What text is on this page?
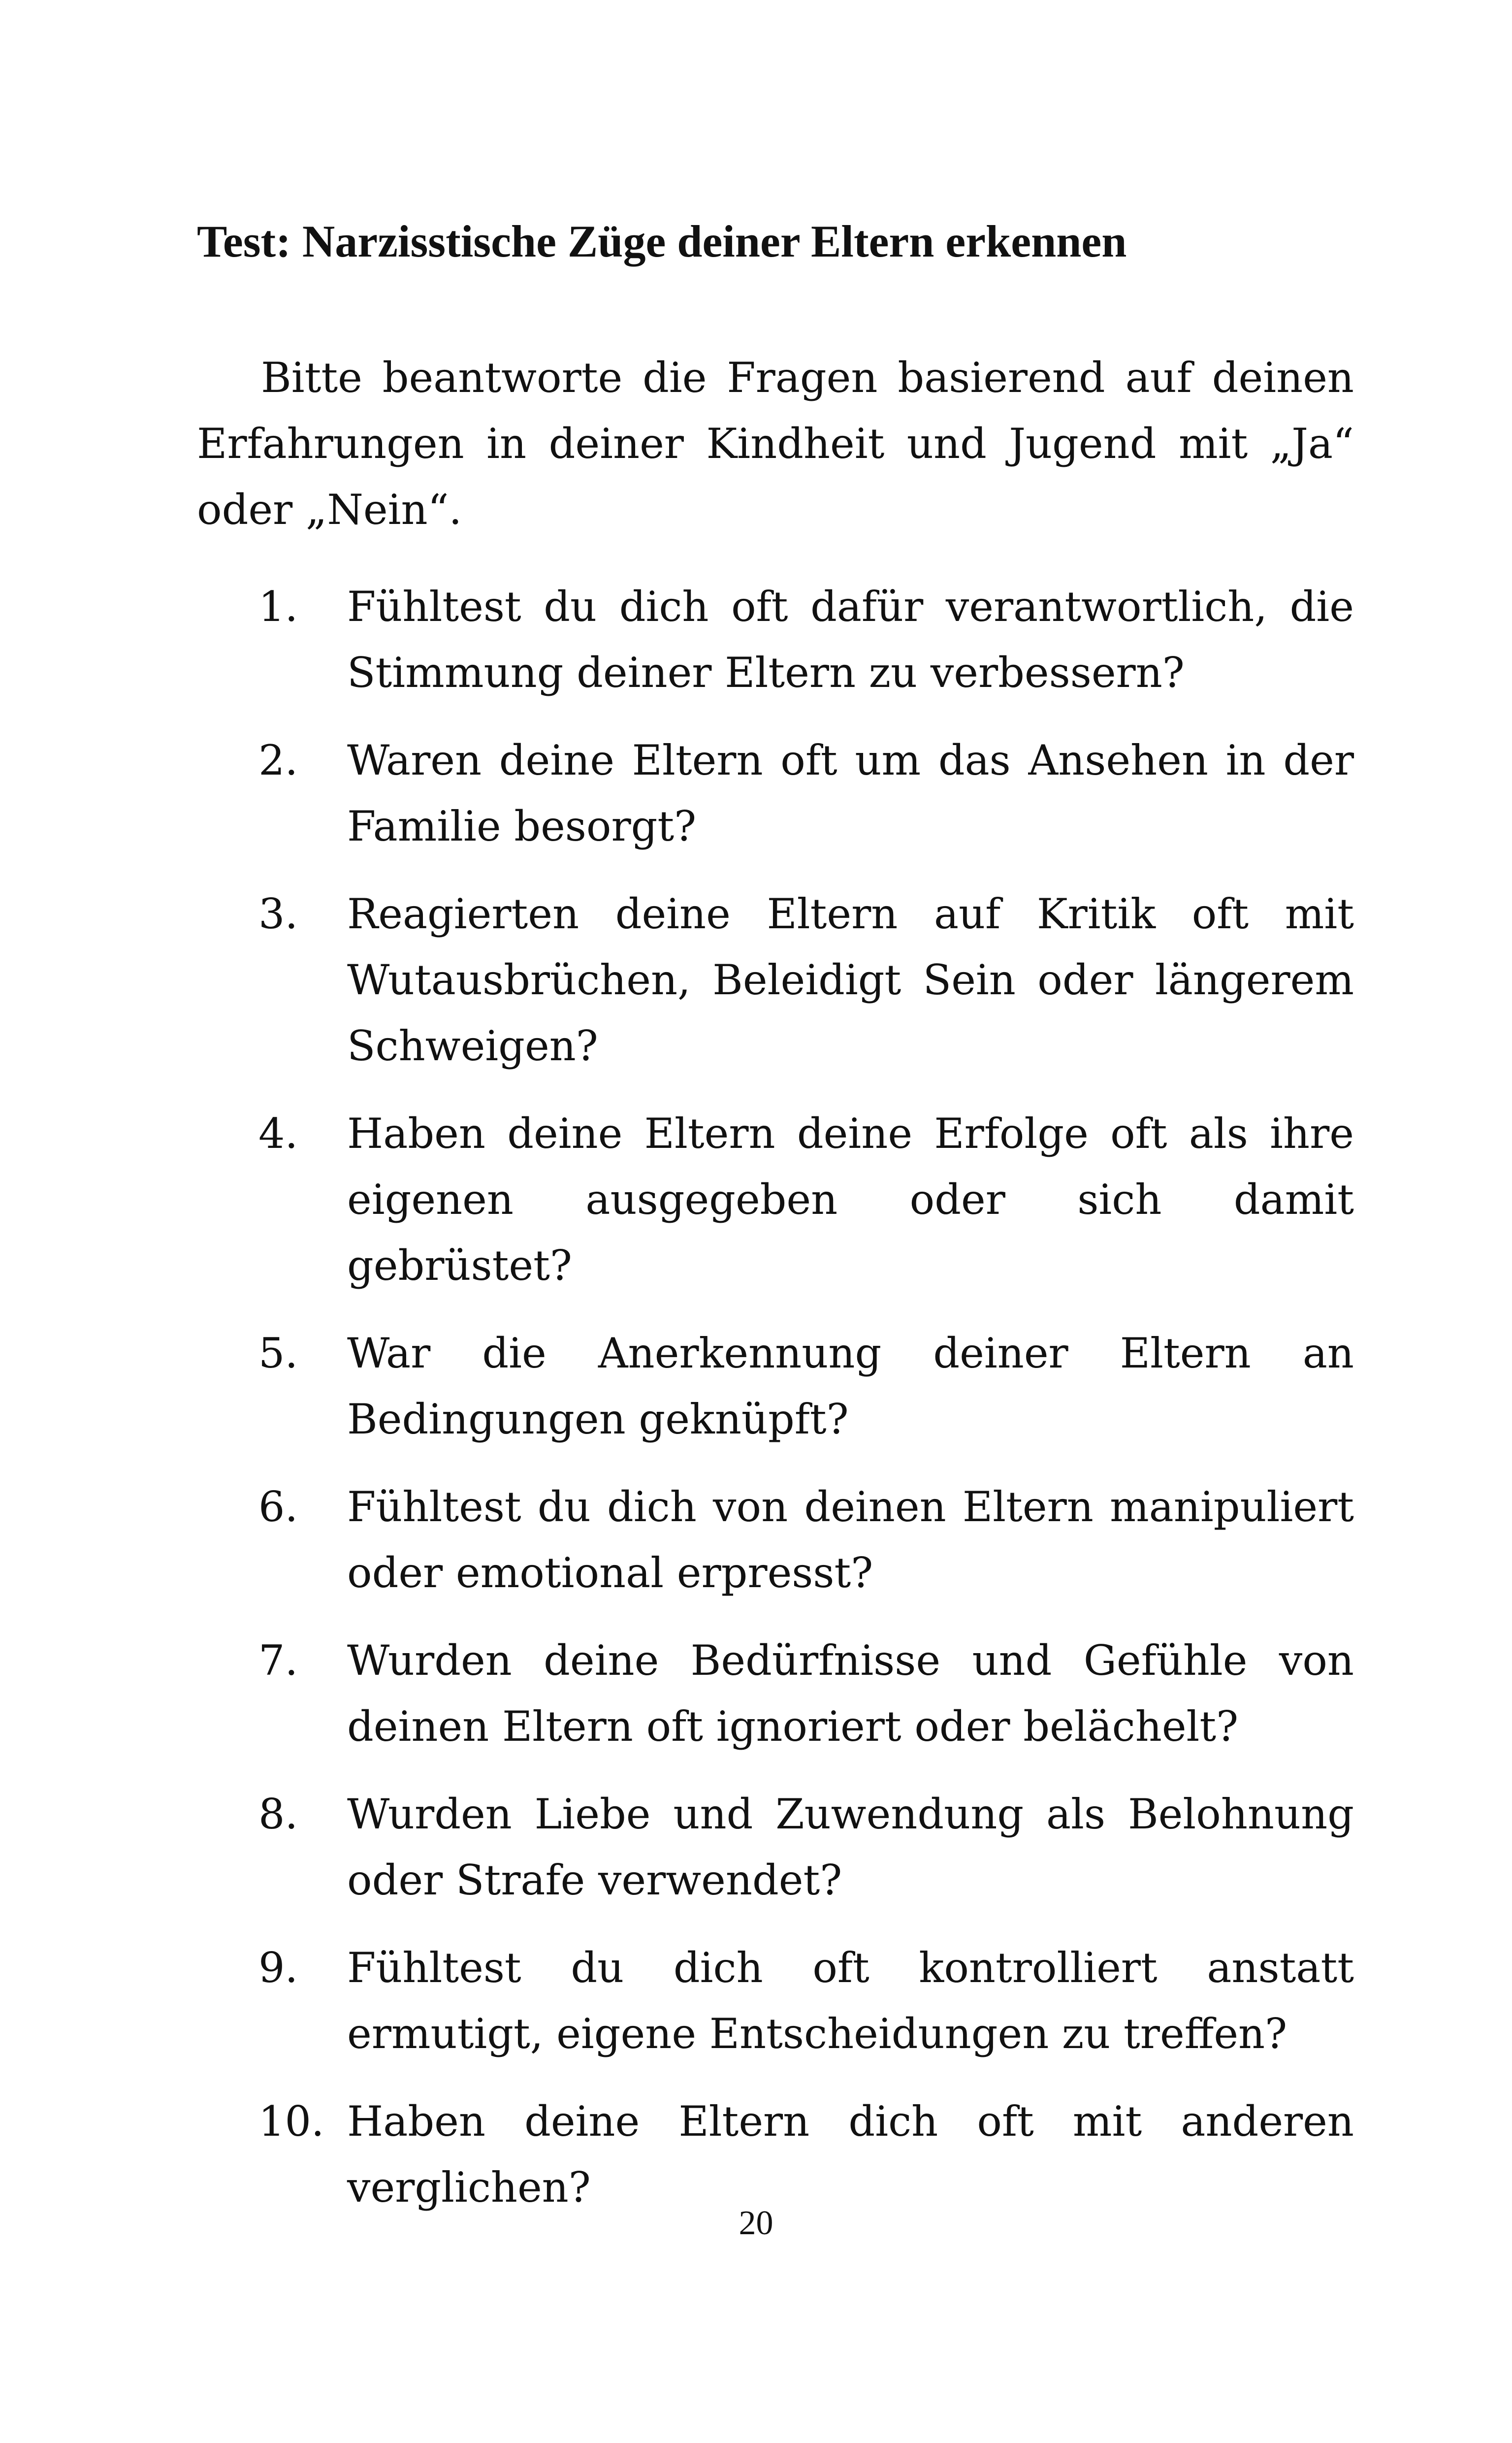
Test: Narzisstische Züge deiner Eltern erkennen

Bitte beantworte die Fragen basierend auf deinen Erfahrungen in deiner Kindheit und Jugend mit „Ja“ oder „Nein“.

1.	Fühltest du dich oft dafür verantwortlich, die Stimmung deiner Eltern zu verbessern?

2.	Waren deine Eltern oft um das Ansehen in der Familie besorgt?

3.	Reagierten deine Eltern auf Kritik oft mit Wutausbrüchen, Beleidigt Sein oder längerem Schweigen?

4.	Haben deine Eltern deine Erfolge oft als ihre eigenen ausgegeben oder sich damit gebrüstet?

5.	War die Anerkennung deiner Eltern an Bedingungen geknüpft?

6.	Fühltest du dich von deinen Eltern manipuliert oder emotional erpresst?

7.	Wurden deine Bedürfnisse und Gefühle von deinen Eltern oft ignoriert oder belächelt?

8.	Wurden Liebe und Zuwendung als Belohnung oder Strafe verwendet?

9.	Fühltest du dich oft kontrolliert anstatt ermutigt, eigene Entscheidungen zu treffen?

10. Haben deine Eltern dich oft mit anderen verglichen?

20
